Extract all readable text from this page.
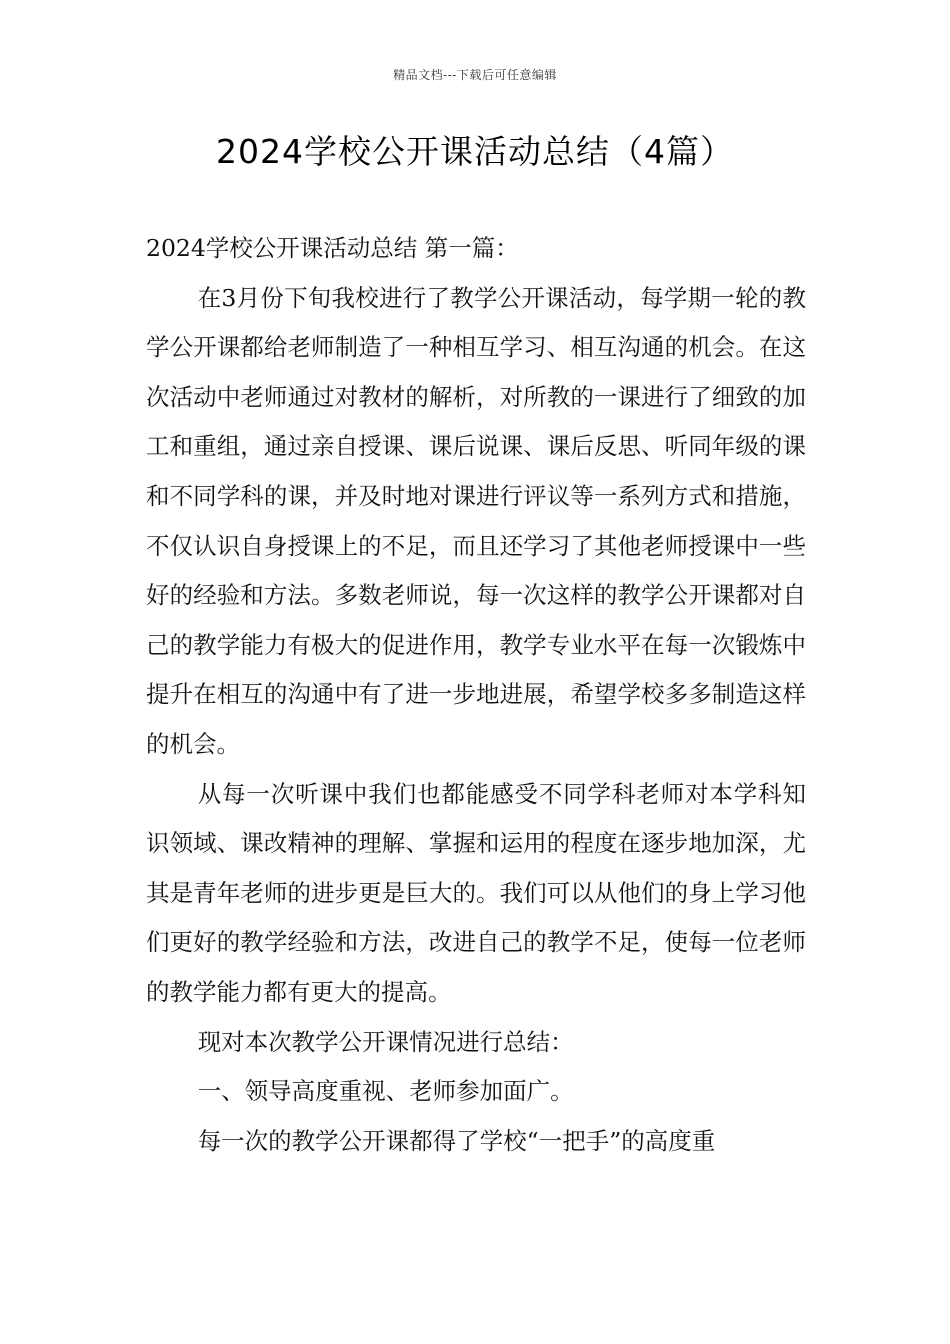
精品文档---下载后可任意编辑
2024学校公开课活动总结（4篇）

2024学校公开课活动总结 第一篇：

在3月份下旬我校进行了教学公开课活动，每学期一轮的教学公开课都给老师制造了一种相互学习、相互沟通的机会。在这次活动中老师通过对教材的解析，对所教的一课进行了细致的加工和重组，通过亲自授课、课后说课、课后反思、听同年级的课和不同学科的课，并及时地对课进行评议等一系列方式和措施，不仅认识自身授课上的不足，而且还学习了其他老师授课中一些好的经验和方法。多数老师说，每一次这样的教学公开课都对自己的教学能力有极大的促进作用，教学专业水平在每一次锻炼中提升在相互的沟通中有了进一步地进展，希望学校多多制造这样的机会。

从每一次听课中我们也都能感受不同学科老师对本学科知识领域、课改精神的理解、掌握和运用的程度在逐步地加深，尤其是青年老师的进步更是巨大的。我们可以从他们的身上学习他们更好的教学经验和方法，改进自己的教学不足，使每一位老师的教学能力都有更大的提高。

现对本次教学公开课情况进行总结：

一、领导高度重视、老师参加面广。

每一次的教学公开课都得了学校“一把手”的高度重
